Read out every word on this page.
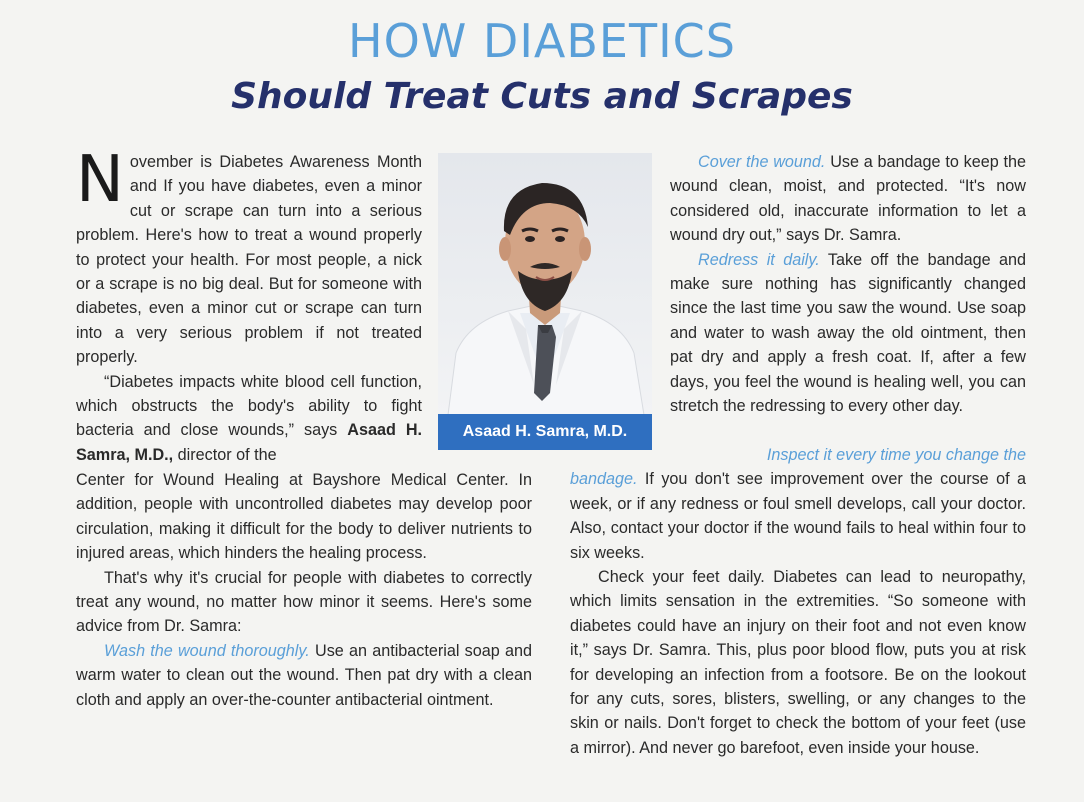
HOW DIABETICS
Should Treat Cuts and Scrapes

November is Diabetes Awareness Month and If you have diabetes, even a minor cut or scrape can turn into a serious problem. Here's how to treat a wound properly to protect your health. For most people, a nick or a scrape is no big deal. But for someone with diabetes, even a minor cut or scrape can turn into a very serious problem if not treated properly.

“Diabetes impacts white blood cell function, which obstructs the body's ability to fight bacteria and close wounds,” says Asaad H. Samra, M.D., director of the

Asaad H. Samra, M.D.

Center for Wound Healing at Bayshore Medical Center. In addition, people with uncontrolled diabetes may develop poor circulation, making it difficult for the body to deliver nutrients to injured areas, which hinders the healing process.

That's why it's crucial for people with diabetes to correctly treat any wound, no matter how minor it seems. Here's some advice from Dr. Samra:

Wash the wound thoroughly. Use an antibacterial soap and warm water to clean out the wound. Then pat dry with a clean cloth and apply an over-the-counter antibacterial ointment.

Cover the wound. Use a bandage to keep the wound clean, moist, and protected. “It's now considered old, inaccurate information to let a wound dry out,” says Dr. Samra.

Redress it daily. Take off the bandage and make sure nothing has significantly changed since the last time you saw the wound. Use soap and water to wash away the old ointment, then pat dry and apply a fresh coat. If, after a few days, you feel the wound is healing well, you can stretch the redressing to every other day.

Inspect it every time you change the

bandage. If you don't see improvement over the course of a week, or if any redness or foul smell develops, call your doctor. Also, contact your doctor if the wound fails to heal within four to six weeks.

Check your feet daily. Diabetes can lead to neuropathy, which limits sensation in the extremities. “So someone with diabetes could have an injury on their foot and not even know it,” says Dr. Samra. This, plus poor blood flow, puts you at risk for developing an infection from a footsore. Be on the lookout for any cuts, sores, blisters, swelling, or any changes to the skin or nails. Don't forget to check the bottom of your feet (use a mirror). And never go barefoot, even inside your house.
